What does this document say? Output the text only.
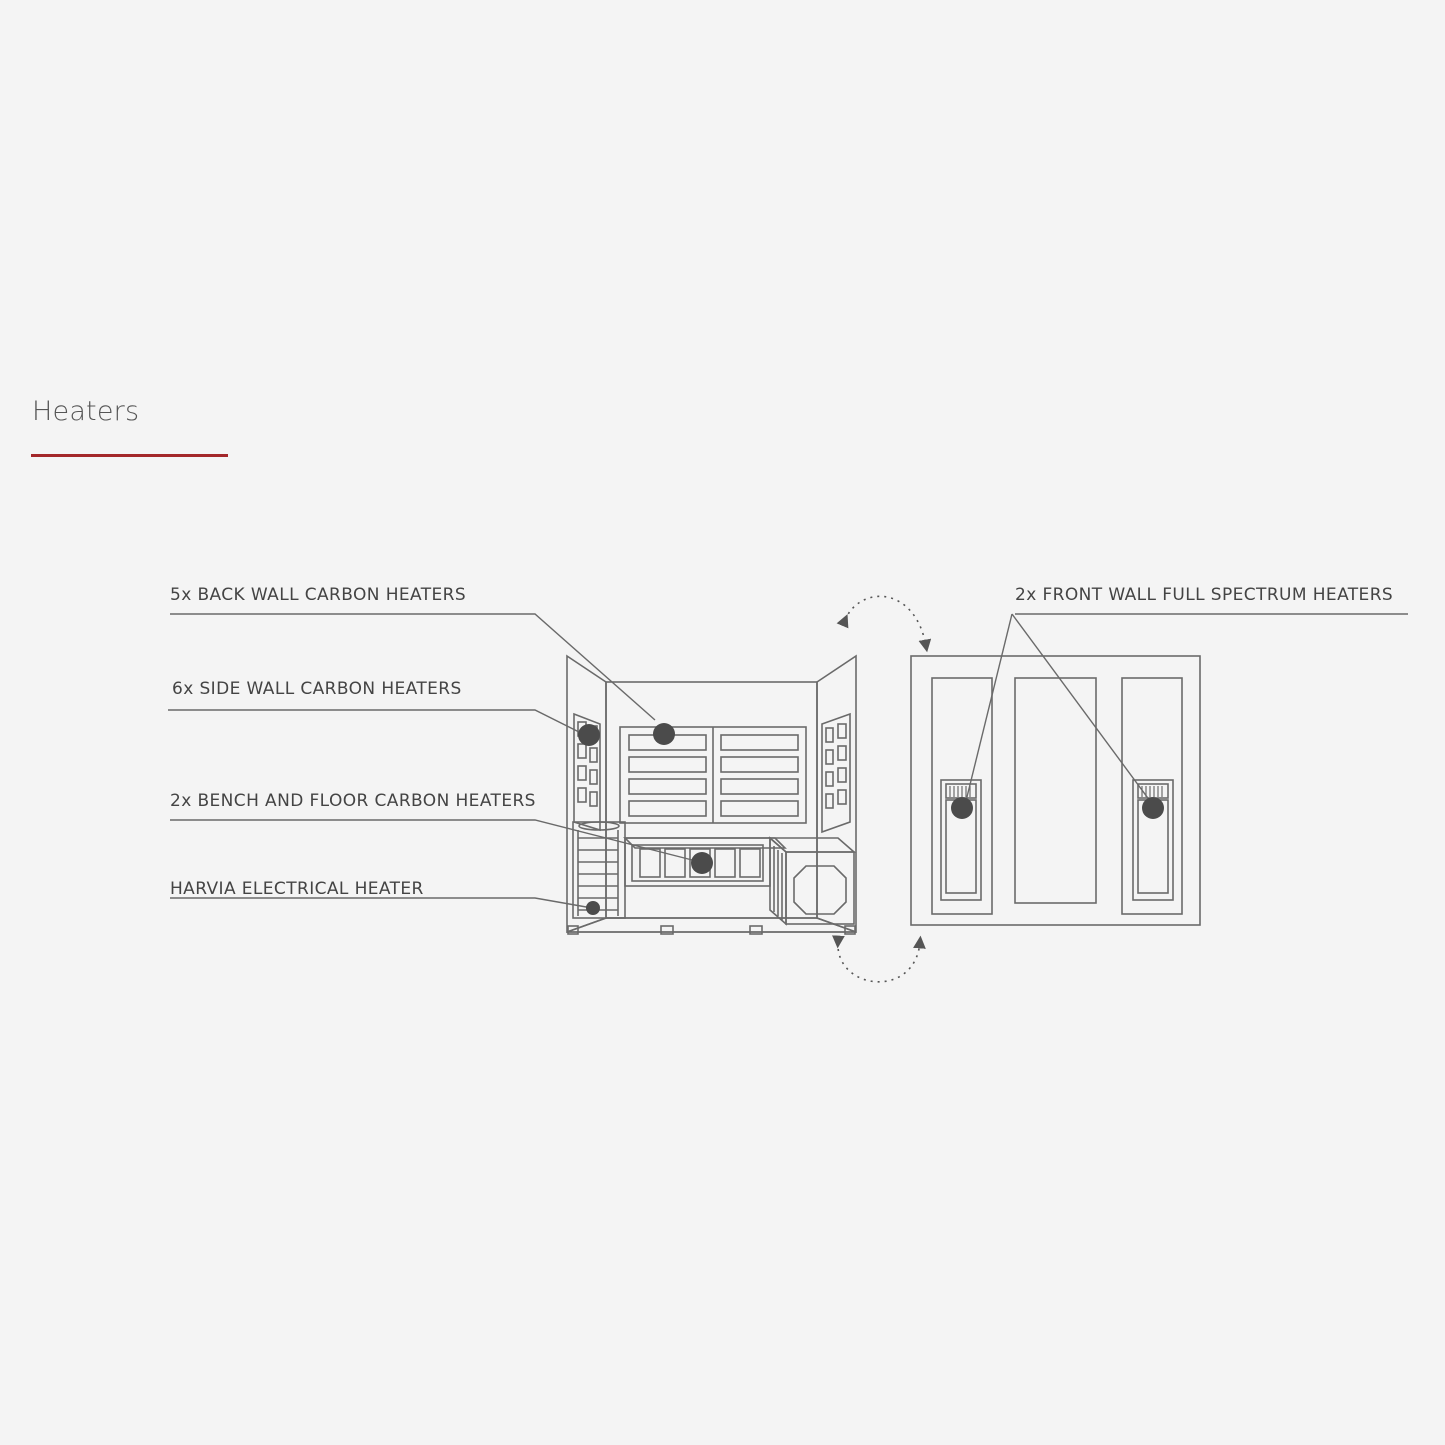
Heaters
5x BACK WALL CARBON HEATERS
6x SIDE WALL CARBON HEATERS
2x BENCH AND FLOOR CARBON HEATERS
HARVIA ELECTRICAL HEATER
2x FRONT WALL FULL SPECTRUM HEATERS
